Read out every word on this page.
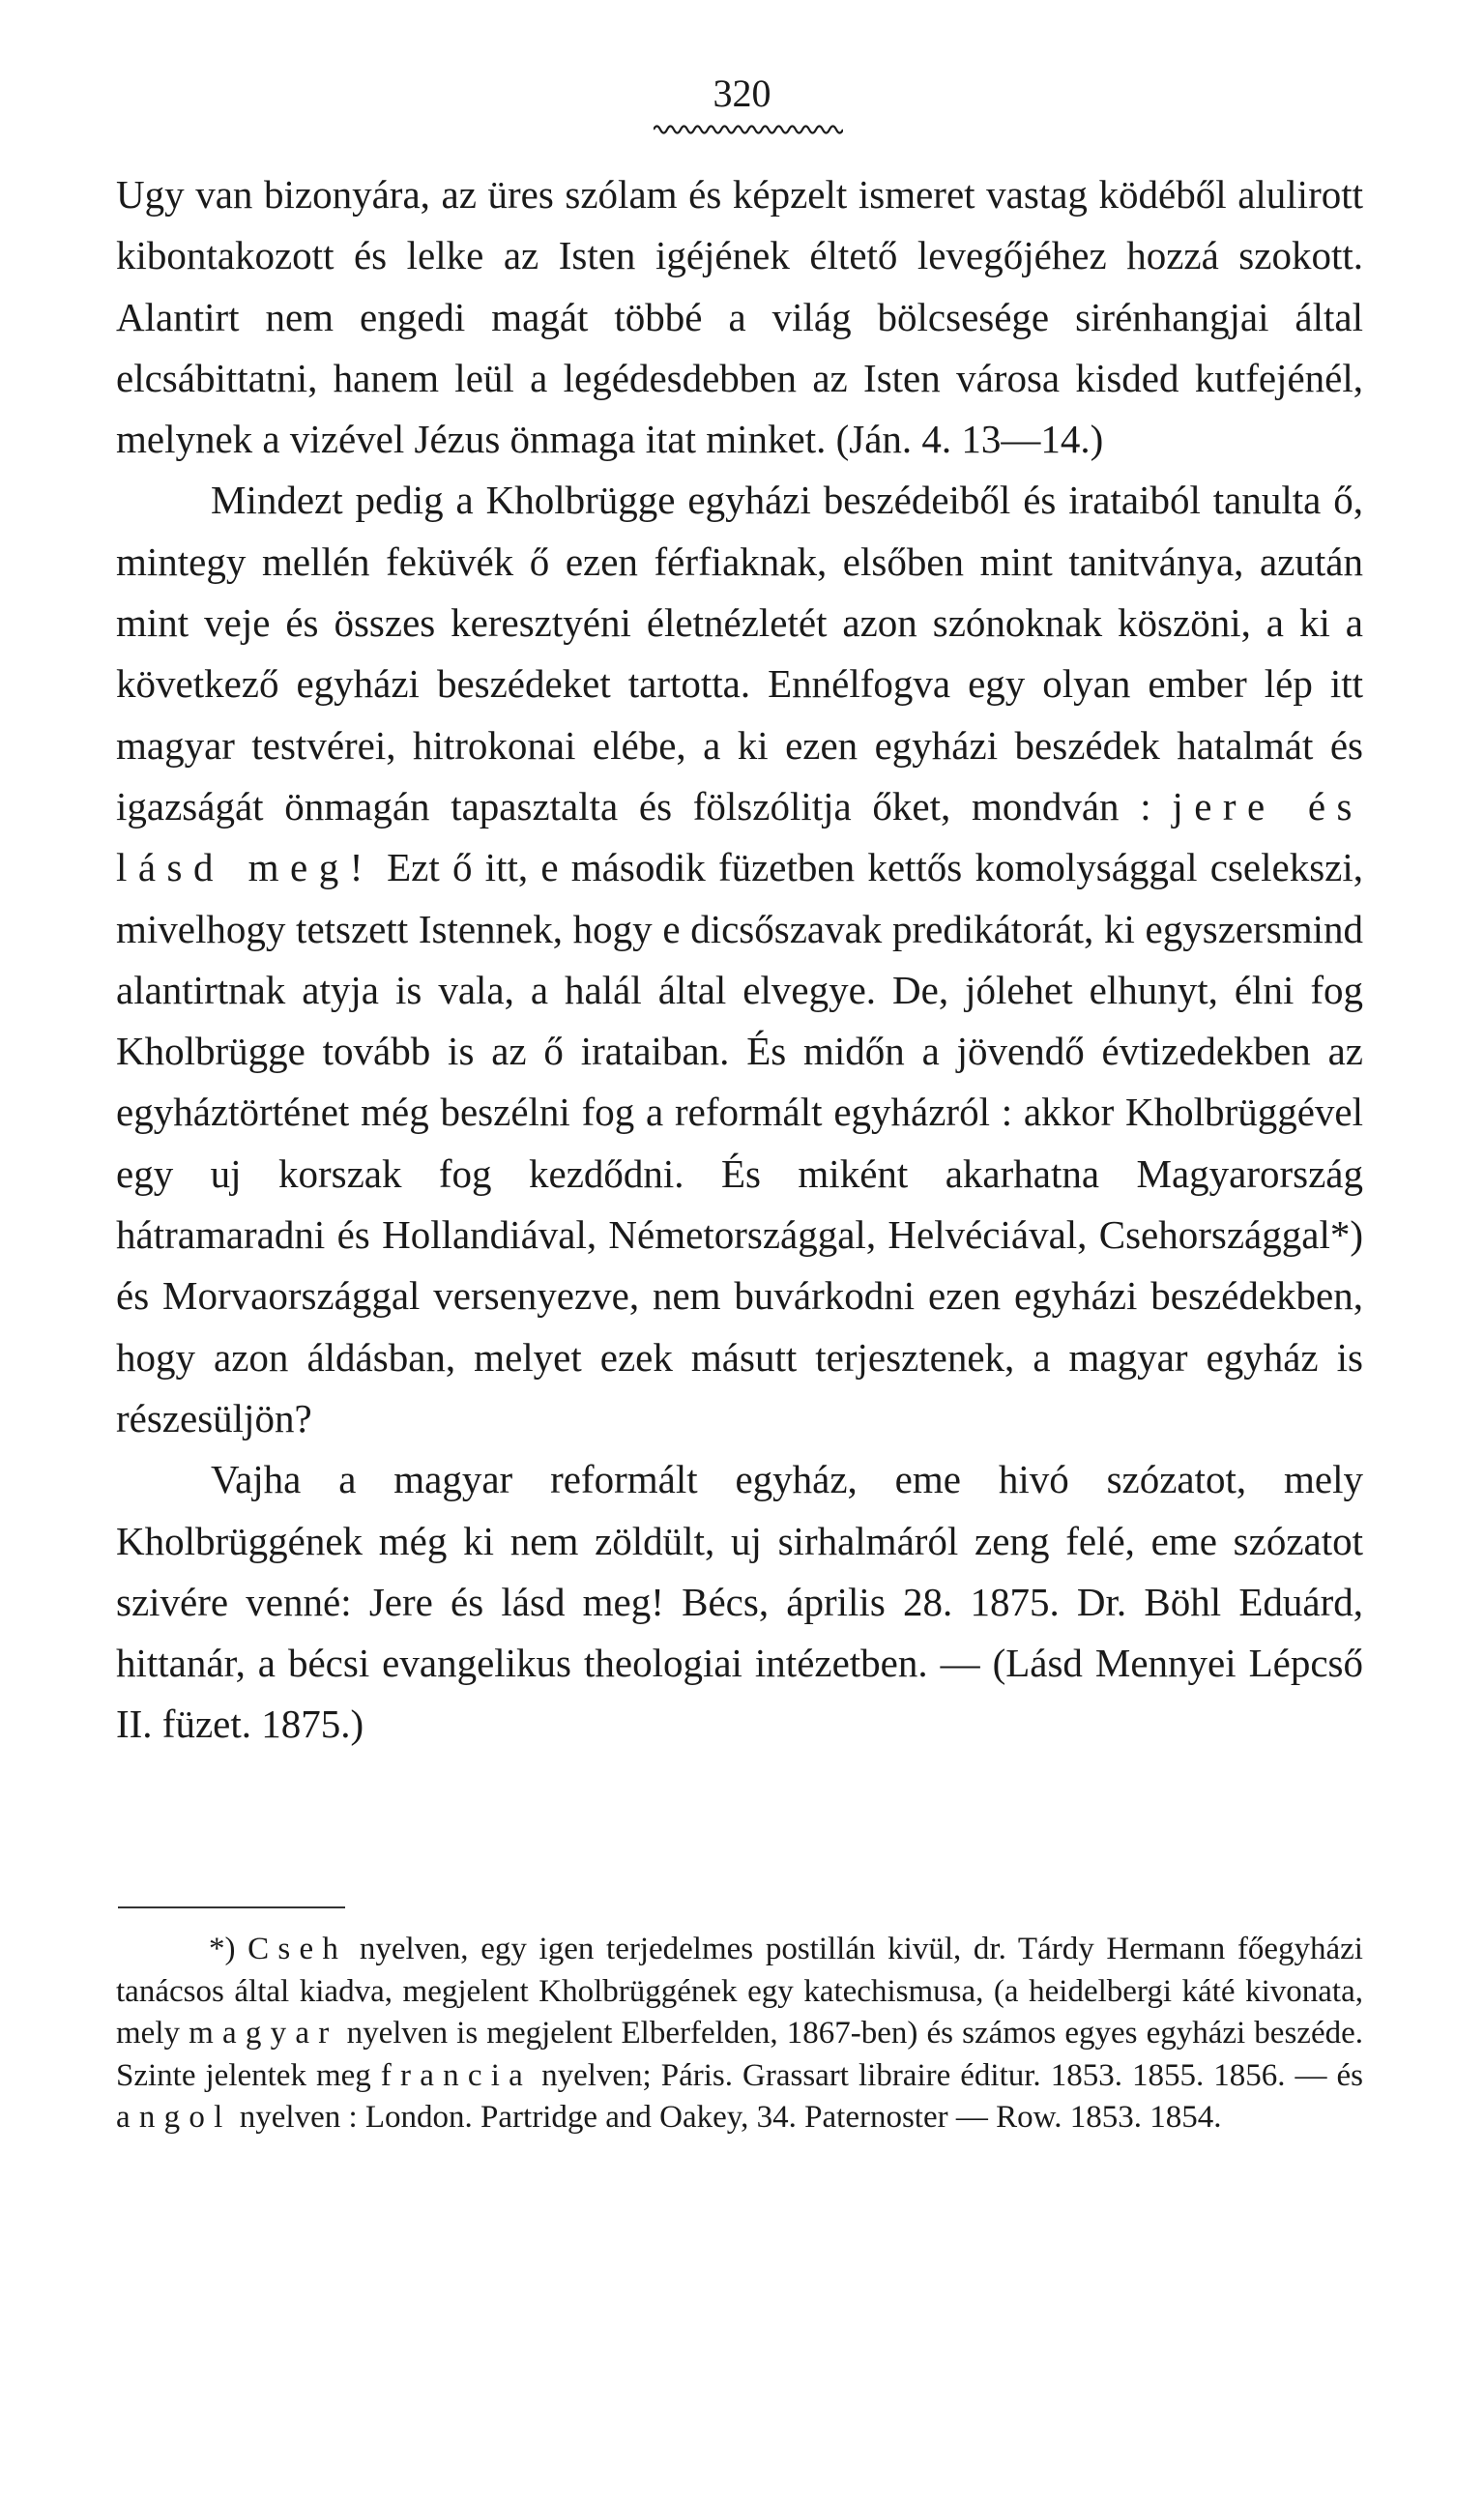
320

Ugy van bizonyára, az üres szólam és képzelt ismeret vastag ködéből alulirott kibontakozott és lelke az Isten igéjének éltető levegőjéhez hozzá szokott. Alantirt nem engedi magát többé a világ bölcsesége sirénhangjai által elcsábittatni, hanem leül a legédesdebben az Isten városa kisded kutfejénél, melynek a vizével Jézus önmaga itat minket. (Ján. 4. 13—14.)

Mindezt pedig a Kholbrügge egyházi beszédeiből és irataiból tanulta ő, mintegy mellén feküvék ő ezen férfiaknak, elsőben mint tanitványa, azután mint veje és összes keresztyéni életnézletét azon szónoknak köszöni, a ki a következő egyházi beszédeket tartotta. Ennélfogva egy olyan ember lép itt magyar testvérei, hitrokonai elébe, a ki ezen egyházi beszédek hatalmát és igazságát önmagán tapasztalta és fölszólitja őket, mondván : jere és lásd meg! Ezt ő itt, e második füzetben kettős komolysággal cselekszi, mivelhogy tetszett Istennek, hogy e dicsőszavak predikátorát, ki egyszersmind alantirtnak atyja is vala, a halál által elvegye. De, jólehet elhunyt, élni fog Kholbrügge tovább is az ő irataiban. És midőn a jövendő évtizedekben az egyháztörténet még beszélni fog a reformált egyházról : akkor Kholbrüggével egy uj korszak fog kezdődni. És miként akarhatna Magyarország hátramaradni és Hollandiával, Németországgal, Helvéciával, Csehországgal*) és Morvaországgal versenyezve, nem buvárkodni ezen egyházi beszédekben, hogy azon áldásban, melyet ezek másutt terjesztenek, a magyar egyház is részesüljön?

Vajha a magyar reformált egyház, eme hivó szózatot, mely Kholbrüggének még ki nem zöldült, uj sirhalmáról zeng felé, eme szózatot szivére venné: Jere és lásd meg! Bécs, április 28. 1875. Dr. Böhl Eduárd, hittanár, a bécsi evangelikus theologiai intézetben. — (Lásd Mennyei Lépcső II. füzet. 1875.)

*) Cseh nyelven, egy igen terjedelmes postillán kivül, dr. Tárdy Hermann főegyházi tanácsos által kiadva, megjelent Kholbrüggének egy katechismusa, (a heidelbergi káté kivonata, mely magyar nyelven is megjelent Elberfelden, 1867-ben) és számos egyes egyházi beszéde. Szinte jelentek meg francia nyelven; Páris. Grassart libraire éditur. 1853. 1855. 1856. — és angol nyelven : London. Partridge and Oakey, 34. Paternoster — Row. 1853. 1854.
